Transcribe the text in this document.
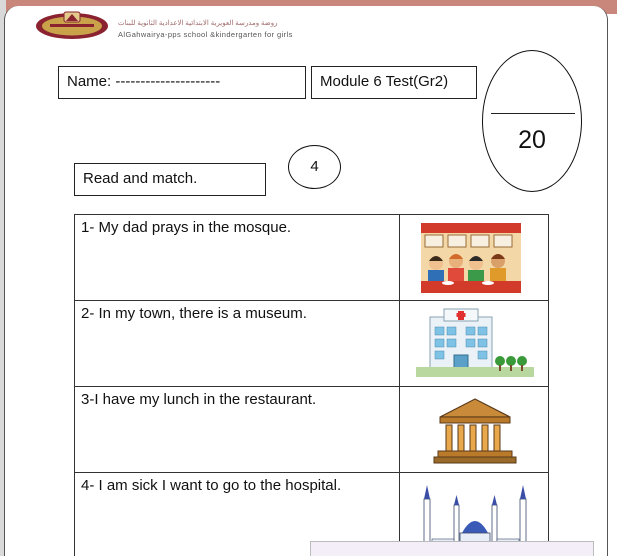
روضة ومدرسة العويرية الابتدائية الاعدادية الثانوية للبنات
AlGahwairya-pps school &kindergarten for girls
Name: ---------------------	Module 6 Test(Gr2)
20
Read and match.
4
1- My dad prays in the mosque.	

2- In my town, there is a museum.	

3-I have my lunch in the restaurant.	

4- I am sick I want to go to the hospital.	
